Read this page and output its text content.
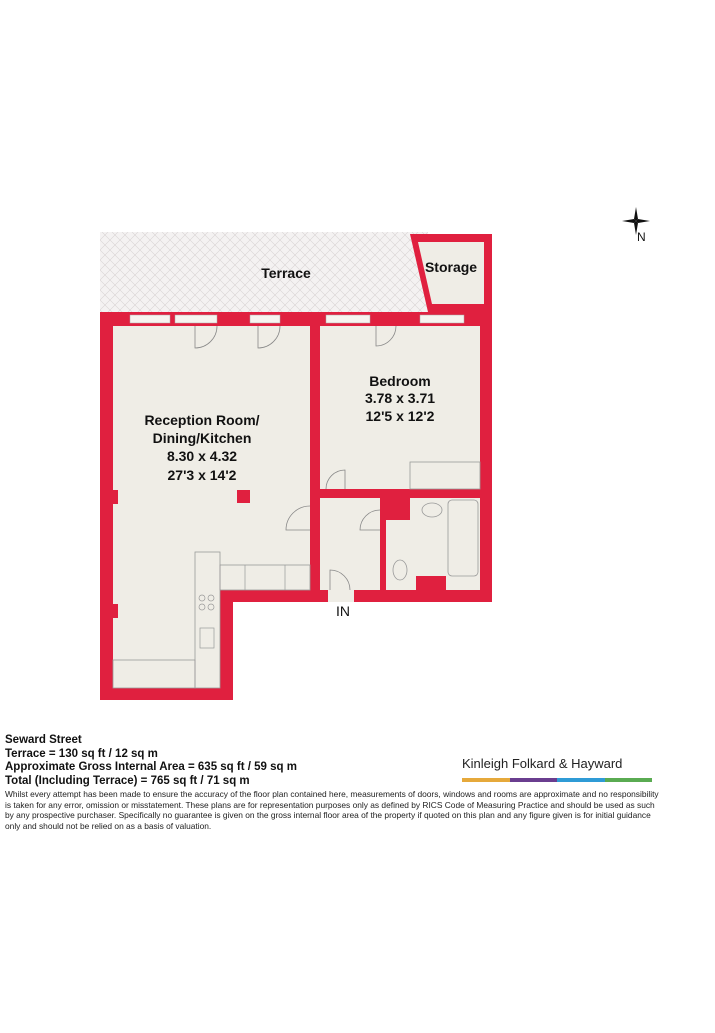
Terrace	Storage
Bedroom
3.78 x 3.71
12'5 x 12'2
Reception Room/
Dining/Kitchen
8.30 x 4.32
27'3 x 14'2
IN
N
Seward Street
Terrace = 130 sq ft / 12 sq m
Approximate Gross Internal Area = 635 sq ft / 59 sq m
Total (Including Terrace) = 765 sq ft / 71 sq m
Kinleigh Folkard & Hayward
Whilst every attempt has been made to ensure the accuracy of the floor plan contained here, measurements of doors, windows and rooms are approximate and no responsibility is taken for any error, omission or misstatement. These plans are for representation purposes only as defined by RICS Code of Measuring Practice and should be used as such by any prospective purchaser. Specifically no guarantee is given on the gross internal floor area of the property if quoted on this plan and any figure given is for initial guidance only and should not be relied on as a basis of valuation.
